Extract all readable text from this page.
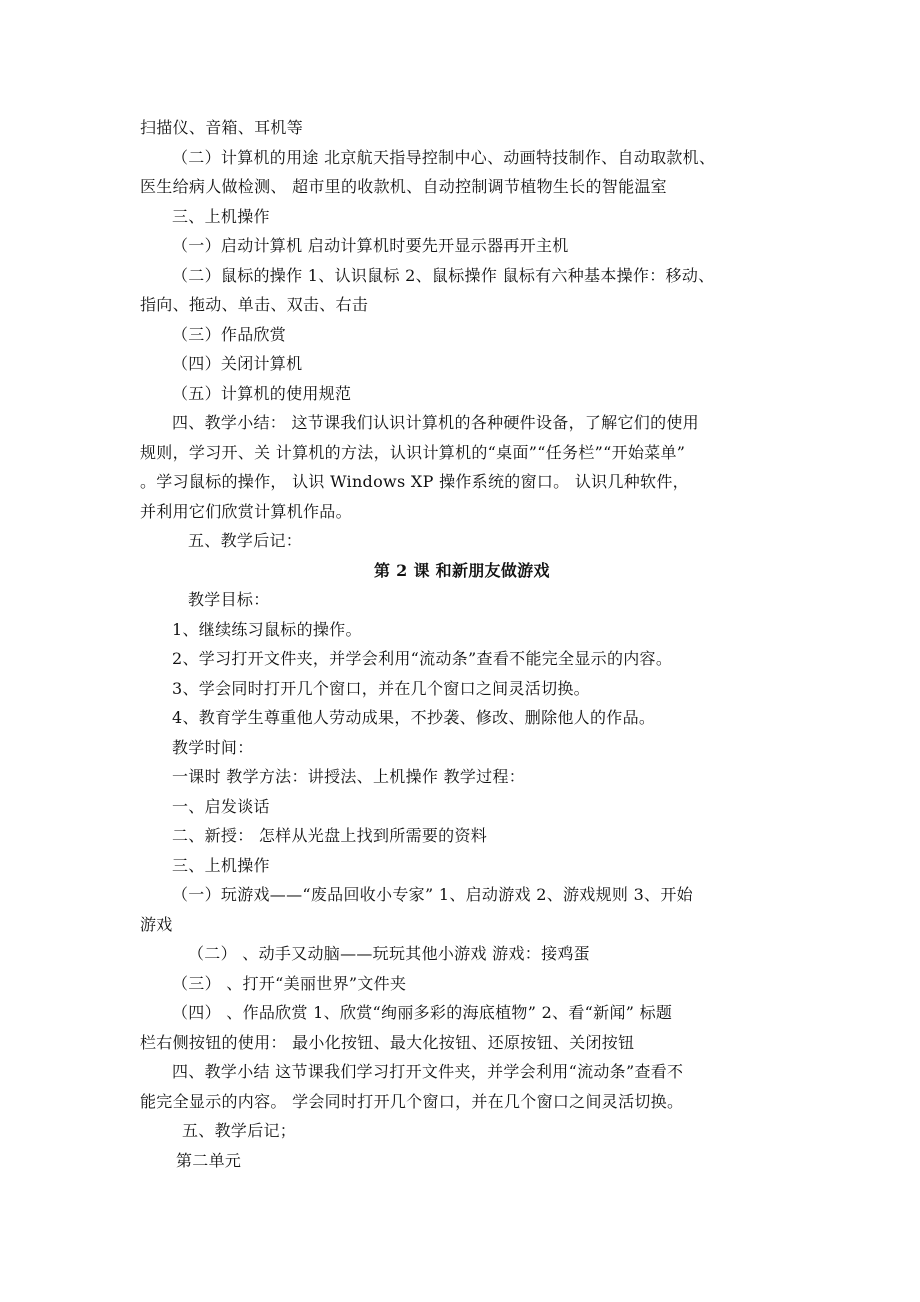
扫描仪、音箱、耳机等
（二）计算机的用途 北京航天指导控制中心、动画特技制作、自动取款机、
医生给病人做检测、 超市里的收款机、自动控制调节植物生长的智能温室
三、上机操作
（一）启动计算机 启动计算机时要先开显示器再开主机
（二）鼠标的操作 1、认识鼠标 2、鼠标操作 鼠标有六种基本操作：移动、
指向、拖动、单击、双击、右击
（三）作品欣赏
（四）关闭计算机
（五）计算机的使用规范
四、教学小结： 这节课我们认识计算机的各种硬件设备，了解它们的使用
规则，学习开、关 计算机的方法，认识计算机的“桌面”“任务栏”“开始菜单”
。学习鼠标的操作， 认识 Windows XP 操作系统的窗口。 认识几种软件，
并利用它们欣赏计算机作品。
五、教学后记：
第 2 课 和新朋友做游戏
教学目标：
1、继续练习鼠标的操作。
2、学习打开文件夹，并学会利用“流动条”查看不能完全显示的内容。
3、学会同时打开几个窗口，并在几个窗口之间灵活切换。
4、教育学生尊重他人劳动成果，不抄袭、修改、删除他人的作品。
教学时间：
一课时 教学方法：讲授法、上机操作 教学过程：
一、启发谈话
二、新授： 怎样从光盘上找到所需要的资料
三、上机操作
（一）玩游戏——“废品回收小专家” 1、启动游戏 2、游戏规则 3、开始
游戏
（二） 、动手又动脑——玩玩其他小游戏 游戏：接鸡蛋
（三） 、打开“美丽世界”文件夹
（四） 、作品欣赏 1、欣赏“绚丽多彩的海底植物” 2、看“新闻” 标题
栏右侧按钮的使用： 最小化按钮、最大化按钮、还原按钮、关闭按钮
四、教学小结 这节课我们学习打开文件夹，并学会利用“流动条”查看不
能完全显示的内容。 学会同时打开几个窗口，并在几个窗口之间灵活切换。
五、教学后记；
第二单元
